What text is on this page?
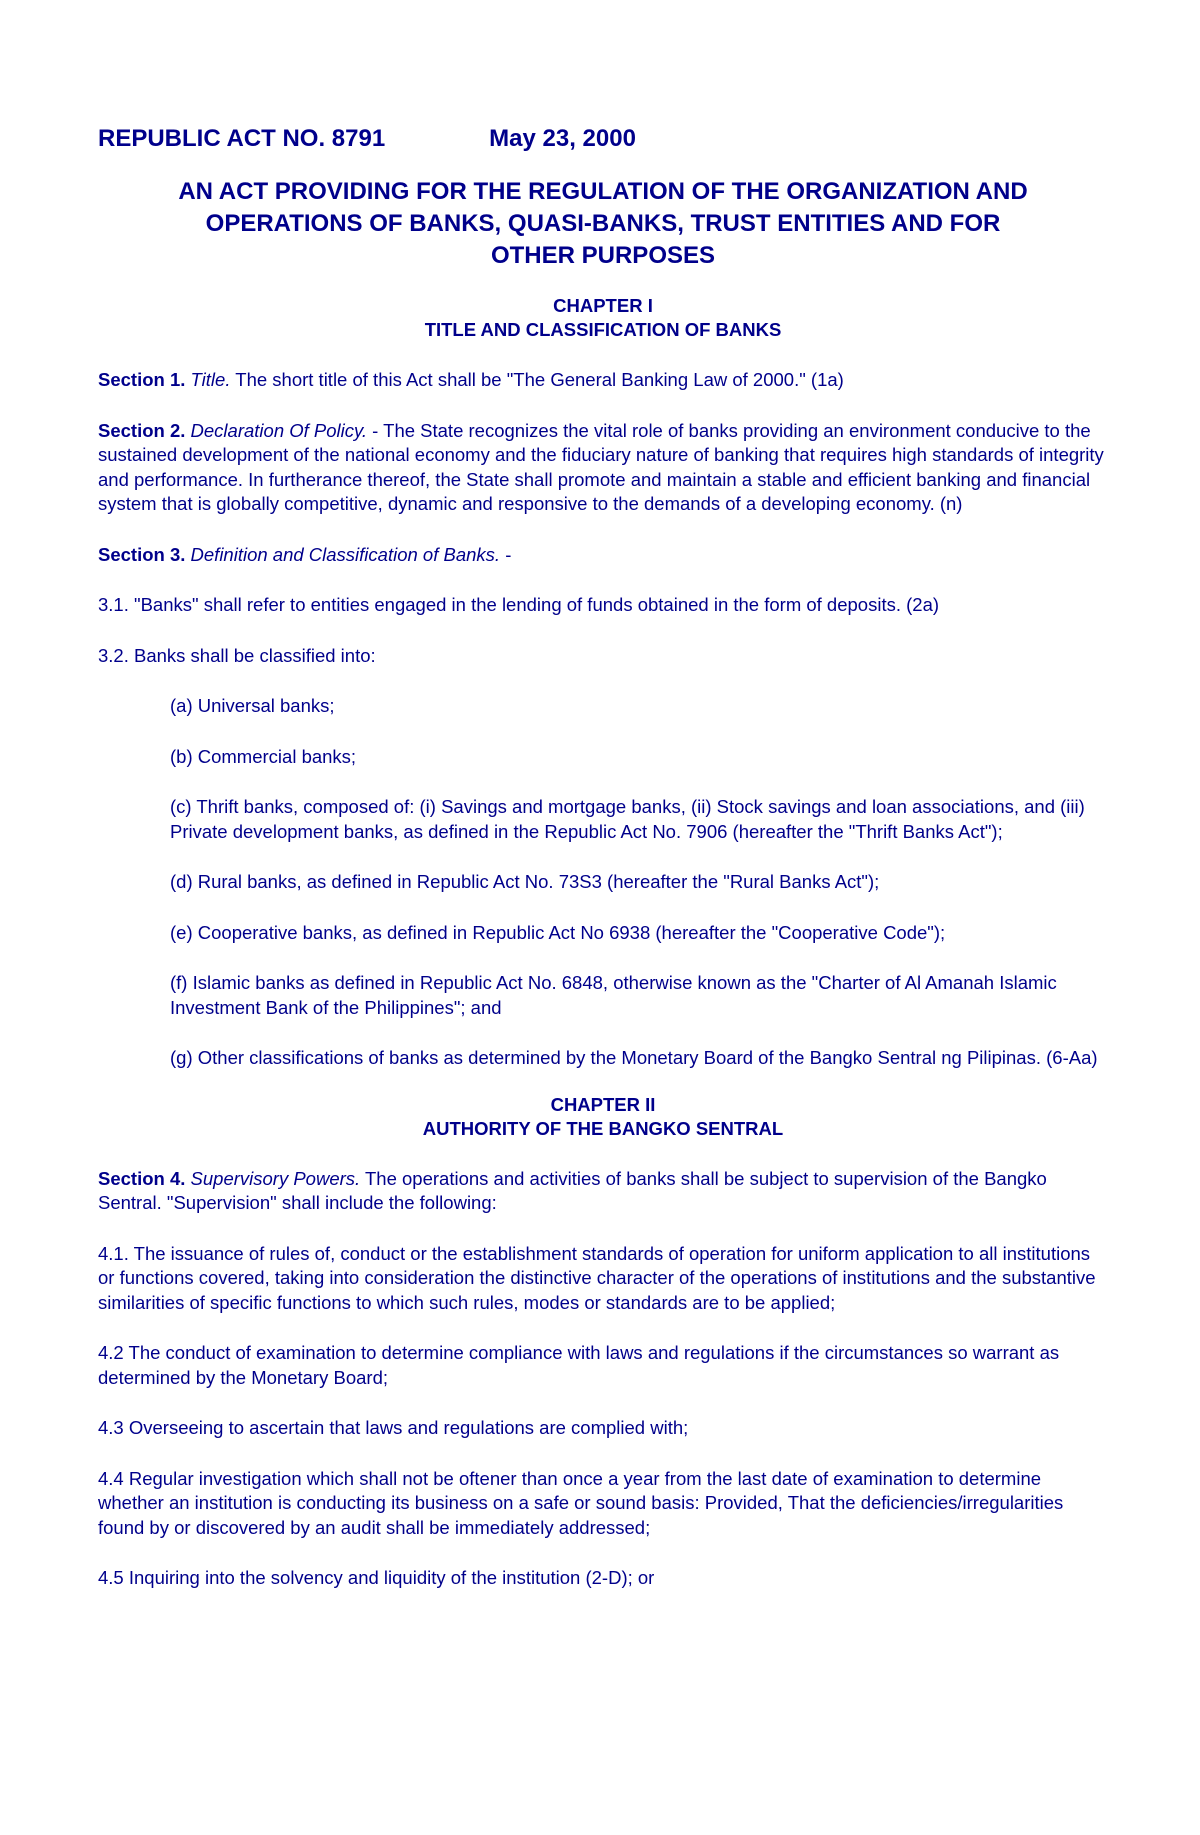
REPUBLIC ACT NO. 8791	May 23, 2000
AN ACT PROVIDING FOR THE REGULATION OF THE ORGANIZATION AND
OPERATIONS OF BANKS, QUASI-BANKS, TRUST ENTITIES AND FOR
OTHER PURPOSES
CHAPTER I
TITLE AND CLASSIFICATION OF BANKS

Section 1. Title. The short title of this Act shall be "The General Banking Law of 2000." (1a)

Section 2. Declaration Of Policy. - The State recognizes the vital role of banks providing an environment conducive to the sustained development of the national economy and the fiduciary nature of banking that requires high standards of integrity and performance. In furtherance thereof, the State shall promote and maintain a stable and efficient banking and financial system that is globally competitive, dynamic and responsive to the demands of a developing economy. (n)

Section 3. Definition and Classification of Banks. -

3.1. "Banks" shall refer to entities engaged in the lending of funds obtained in the form of deposits. (2a)

3.2. Banks shall be classified into:

(a) Universal banks;

(b) Commercial banks;

(c) Thrift banks, composed of: (i) Savings and mortgage banks, (ii) Stock savings and loan associations, and (iii) Private development banks, as defined in the Republic Act No. 7906 (hereafter the "Thrift Banks Act");

(d) Rural banks, as defined in Republic Act No. 73S3 (hereafter the "Rural Banks Act");

(e) Cooperative banks, as defined in Republic Act No 6938 (hereafter the "Cooperative Code");

(f) Islamic banks as defined in Republic Act No. 6848, otherwise known as the "Charter of Al Amanah Islamic Investment Bank of the Philippines"; and

(g) Other classifications of banks as determined by the Monetary Board of the Bangko Sentral ng Pilipinas. (6-Aa)

CHAPTER II
AUTHORITY OF THE BANGKO SENTRAL

Section 4. Supervisory Powers. The operations and activities of banks shall be subject to supervision of the Bangko Sentral. "Supervision" shall include the following:

4.1. The issuance of rules of, conduct or the establishment standards of operation for uniform application to all institutions or functions covered, taking into consideration the distinctive character of the operations of institutions and the substantive similarities of specific functions to which such rules, modes or standards are to be applied;

4.2 The conduct of examination to determine compliance with laws and regulations if the circumstances so warrant as determined by the Monetary Board;

4.3 Overseeing to ascertain that laws and regulations are complied with;

4.4 Regular investigation which shall not be oftener than once a year from the last date of examination to determine whether an institution is conducting its business on a safe or sound basis: Provided, That the deficiencies/irregularities found by or discovered by an audit shall be immediately addressed;

4.5 Inquiring into the solvency and liquidity of the institution (2-D); or
